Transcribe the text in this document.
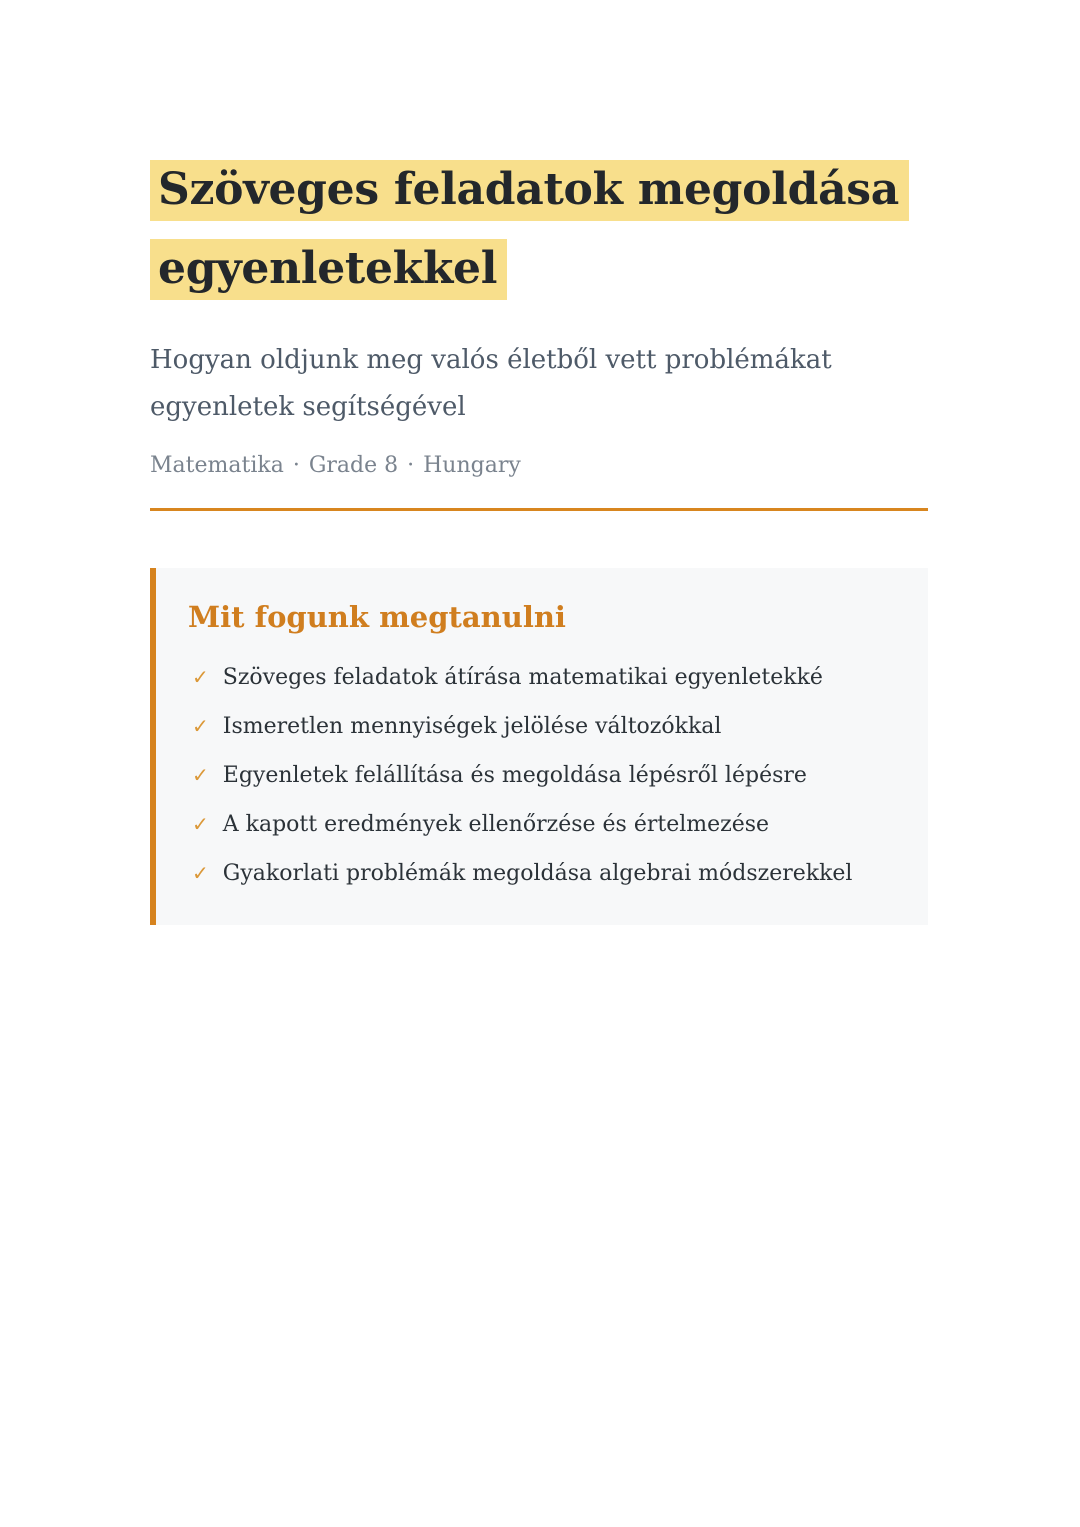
Szöveges feladatok megoldása
egyenletekkel

Hogyan oldjunk meg valós életből vett problémákat egyenletek segítségével

Matematika · Grade 8 · Hungary

Mit fogunk megtanulni
✓ Szöveges feladatok átírása matematikai egyenletekké
✓ Ismeretlen mennyiségek jelölése változókkal
✓ Egyenletek felállítása és megoldása lépésről lépésre
✓ A kapott eredmények ellenőrzése és értelmezése
✓ Gyakorlati problémák megoldása algebrai módszerekkel
